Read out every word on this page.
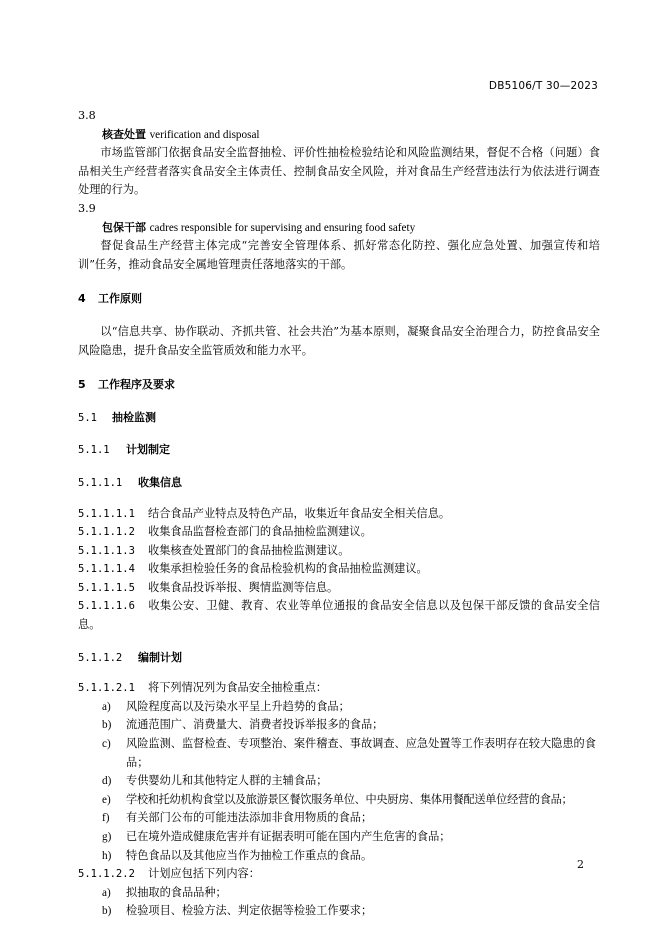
DB5106/T 30—2023
3.8
核查处置 verification and disposal
市场监管部门依据食品安全监督抽检、评价性抽检检验结论和风险监测结果，督促不合格（问题）食品相关生产经营者落实食品安全主体责任、控制食品安全风险，并对食品生产经营违法行为依法进行调查处理的行为。
3.9
包保干部 cadres responsible for supervising and ensuring food safety
督促食品生产经营主体完成“完善安全管理体系、抓好常态化防控、强化应急处置、加强宣传和培训”任务，推动食品安全属地管理责任落地落实的干部。
4 工作原则
以“信息共享、协作联动、齐抓共管、社会共治”为基本原则，凝聚食品安全治理合力，防控食品安全风险隐患，提升食品安全监管质效和能力水平。
5 工作程序及要求
5.1 抽检监测
5.1.1 计划制定
5.1.1.1 收集信息
5.1.1.1.1	结合食品产业特点及特色产品，收集近年食品安全相关信息。
5.1.1.1.2	收集食品监督检查部门的食品抽检监测建议。
5.1.1.1.3	收集核查处置部门的食品抽检监测建议。
5.1.1.1.4	收集承担检验任务的食品检验机构的食品抽检监测建议。
5.1.1.1.5	收集食品投诉举报、舆情监测等信息。
5.1.1.1.6 收集公安、卫健、教育、农业等单位通报的食品安全信息以及包保干部反馈的食品安全信息。
5.1.1.2 编制计划
5.1.1.2.1	将下列情况列为食品安全抽检重点：
a)	风险程度高以及污染水平呈上升趋势的食品；
b)	流通范围广、消费量大、消费者投诉举报多的食品；
c)	风险监测、监督检查、专项整治、案件稽查、事故调查、应急处置等工作表明存在较大隐患的食品；
d)	专供婴幼儿和其他特定人群的主辅食品；
e)	学校和托幼机构食堂以及旅游景区餐饮服务单位、中央厨房、集体用餐配送单位经营的食品；
f)	有关部门公布的可能违法添加非食用物质的食品；
g)	已在境外造成健康危害并有证据表明可能在国内产生危害的食品；
h)	特色食品以及其他应当作为抽检工作重点的食品。
5.1.1.2.2	计划应包括下列内容：
a)	拟抽取的食品品种；
b)	检验项目、检验方法、判定依据等检验工作要求；
2
